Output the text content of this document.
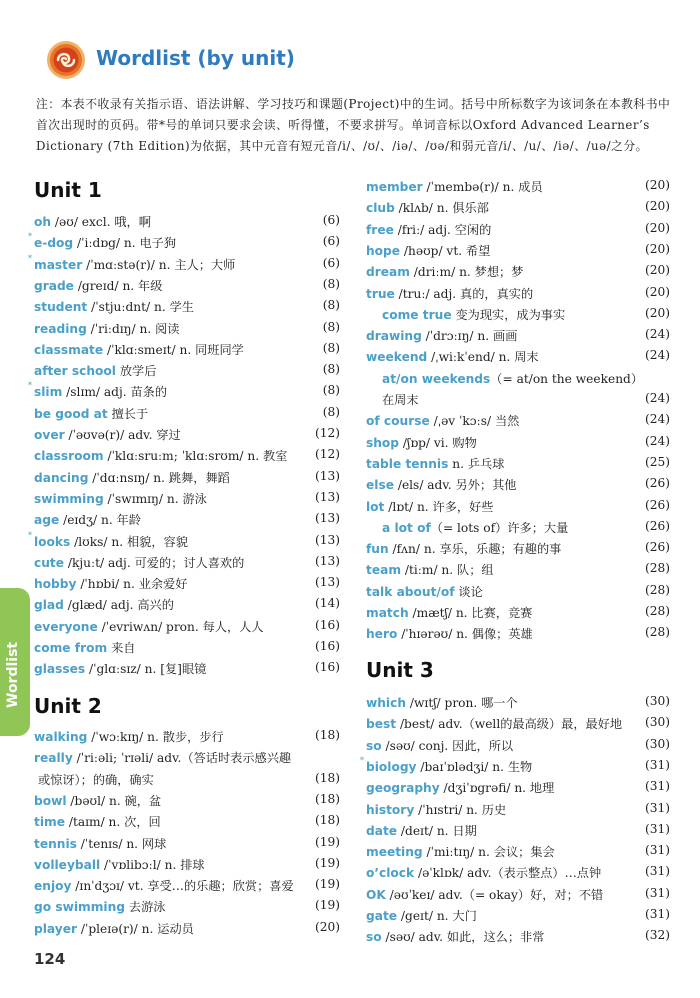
Wordlist (by unit)
注：本表不收录有关指示语、语法讲解、学习技巧和课题(Project)中的生词。括号中所标数字为该词条在本教科书中首次出现时的页码。带*号的单词只要求会读、听得懂，不要求拼写。单词音标以Oxford Advanced Learner’s Dictionary (7th Edition)为依据，其中元音有短元音/i/、/ʊ/、/iə/、/ʊə/和弱元音/i/、/u/、/iə/、/uə/之分。
Unit 1
oh /əʊ/ excl. 哦，啊	(6)
* e-dog /ˈiːdɒg/ n. 电子狗	(6)
* master /ˈmɑːstə(r)/ n. 主人；大师	(6)
grade /greɪd/ n. 年级	(8)
student /ˈstjuːdnt/ n. 学生	(8)
reading /ˈriːdɪŋ/ n. 阅读	(8)
classmate /ˈklɑːsmeɪt/ n. 同班同学	(8)
after school 放学后	(8)
* slim /slɪm/ adj. 苗条的	(8)
be good at 擅长于	(8)
over /ˈəʊvə(r)/ adv. 穿过	(12)
classroom /ˈklɑːsruːm; ˈklɑːsrʊm/ n. 教室	(12)
dancing /ˈdɑːnsɪŋ/ n. 跳舞，舞蹈	(13)
swimming /ˈswɪmɪŋ/ n. 游泳	(13)
age /eɪdʒ/ n. 年龄	(13)
* looks /lʊks/ n. 相貌，容貌	(13)
cute /kjuːt/ adj. 可爱的；讨人喜欢的	(13)
hobby /ˈhɒbi/ n. 业余爱好	(13)
glad /glæd/ adj. 高兴的	(14)
everyone /ˈevriwʌn/ pron. 每人，人人	(16)
come from 来自	(16)
glasses /ˈglɑːsɪz/ n. [复]眼镜	(16)
Unit 2
walking /ˈwɔːkɪŋ/ n. 散步，步行	(18)
really /ˈriːəli; ˈrɪəli/ adv.（答话时表示感兴趣
或惊讶）；的确，确实	(18)
bowl /bəʊl/ n. 碗，盆	(18)
time /taɪm/ n. 次，回	(18)
tennis /ˈtenɪs/ n. 网球	(19)
volleyball /ˈvɒlibɔːl/ n. 排球	(19)
enjoy /ɪnˈdʒɔɪ/ vt. 享受…的乐趣；欣赏；喜爱	(19)
go swimming 去游泳	(19)
player /ˈpleɪə(r)/ n. 运动员	(20)
member /ˈmembə(r)/ n. 成员	(20)
club /klʌb/ n. 俱乐部	(20)
free /friː/ adj. 空闲的	(20)
hope /həʊp/ vt. 希望	(20)
dream /driːm/ n. 梦想；梦	(20)
true /truː/ adj. 真的，真实的	(20)
come true 变为现实，成为事实	(20)
drawing /ˈdrɔːɪŋ/ n. 画画	(24)
weekend /ˌwiːkˈend/ n. 周末	(24)
at/on weekends（= at/on the weekend）
在周末	(24)
of course /ˌəv ˈkɔːs/ 当然	(24)
shop /ʃɒp/ vi. 购物	(24)
table tennis n. 乒乓球	(25)
else /els/ adv. 另外；其他	(26)
lot /lɒt/ n. 许多，好些	(26)
a lot of（= lots of）许多；大量	(26)
fun /fʌn/ n. 享乐，乐趣；有趣的事	(26)
team /tiːm/ n. 队；组	(28)
talk about/of 谈论	(28)
match /mætʃ/ n. 比赛，竞赛	(28)
hero /ˈhɪərəʊ/ n. 偶像；英雄	(28)
Unit 3
which /wɪtʃ/ pron. 哪一个	(30)
best /best/ adv.（well的最高级）最，最好地	(30)
so /səʊ/ conj. 因此，所以	(30)
* biology /baɪˈɒlədʒi/ n. 生物	(31)
geography /dʒiˈɒgrəfi/ n. 地理	(31)
history /ˈhɪstri/ n. 历史	(31)
date /deɪt/ n. 日期	(31)
meeting /ˈmiːtɪŋ/ n. 会议；集会	(31)
o’clock /əˈklɒk/ adv.（表示整点）…点钟	(31)
OK /əʊˈkeɪ/ adv.（= okay）好，对；不错	(31)
gate /geɪt/ n. 大门	(31)
so /səʊ/ adv. 如此，这么；非常	(32)
Wordlist
124
